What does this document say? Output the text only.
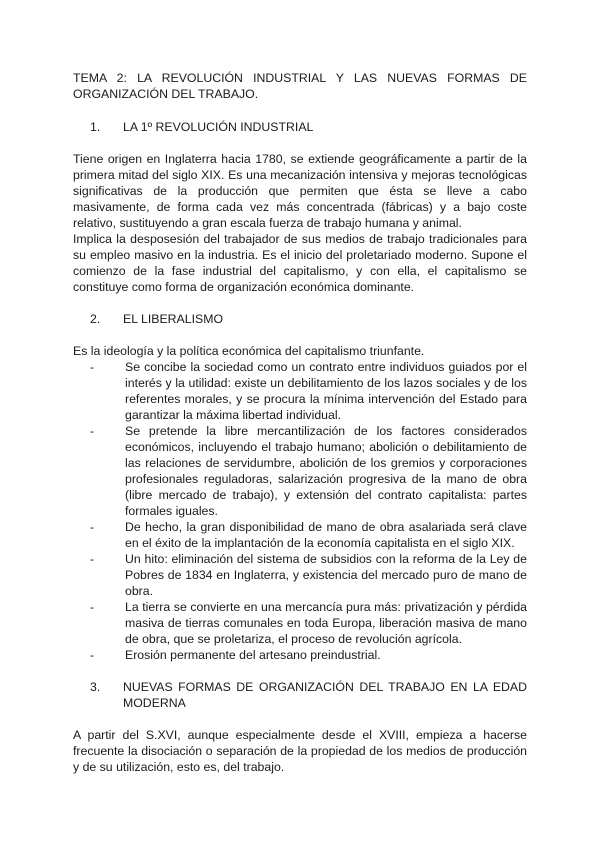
TEMA 2: LA REVOLUCIÓN INDUSTRIAL Y LAS NUEVAS FORMAS DE ORGANIZACIÓN DEL TRABAJO.
1.	LA 1º REVOLUCIÓN INDUSTRIAL

Tiene origen en Inglaterra hacia 1780, se extiende geográficamente a partir de la primera mitad del siglo XIX. Es una mecanización intensiva y mejoras tecnológicas significativas de la producción que permiten que ésta se lleve a cabo masivamente, de forma cada vez más concentrada (fábricas) y a bajo coste relativo, sustituyendo a gran escala fuerza de trabajo humana y animal.

Implica la desposesión del trabajador de sus medios de trabajo tradicionales para su empleo masivo en la industria. Es el inicio del proletariado moderno. Supone el comienzo de la fase industrial del capitalismo, y con ella, el capitalismo se constituye como forma de organización económica dominante.

2.	EL LIBERALISMO

Es la ideología y la política económica del capitalismo triunfante.

-	Se concibe la sociedad como un contrato entre individuos guiados por el interés y la utilidad: existe un debilitamiento de los lazos sociales y de los referentes morales, y se procura la mínima intervención del Estado para garantizar la máxima libertad individual.
-	Se pretende la libre mercantilización de los factores considerados económicos, incluyendo el trabajo humano; abolición o debilitamiento de las relaciones de servidumbre, abolición de los gremios y corporaciones profesionales reguladoras, salarización progresiva de la mano de obra (libre mercado de trabajo), y extensión del contrato capitalista: partes formales iguales.
-	De hecho, la gran disponibilidad de mano de obra asalariada será clave en el éxito de la implantación de la economía capitalista en el siglo XIX.
-	Un hito: eliminación del sistema de subsidios con la reforma de la Ley de Pobres de 1834 en Inglaterra, y existencia del mercado puro de mano de obra.
-	La tierra se convierte en una mercancía pura más: privatización y pérdida masiva de tierras comunales en toda Europa, liberación masiva de mano de obra, que se proletariza, el proceso de revolución agrícola.
-	Erosión permanente del artesano preindustrial.
3.	NUEVAS FORMAS DE ORGANIZACIÓN DEL TRABAJO EN LA EDAD MODERNA

A partir del S.XVI, aunque especialmente desde el XVIII, empieza a hacerse frecuente la disociación o separación de la propiedad de los medios de producción y de su utilización, esto es, del trabajo.
